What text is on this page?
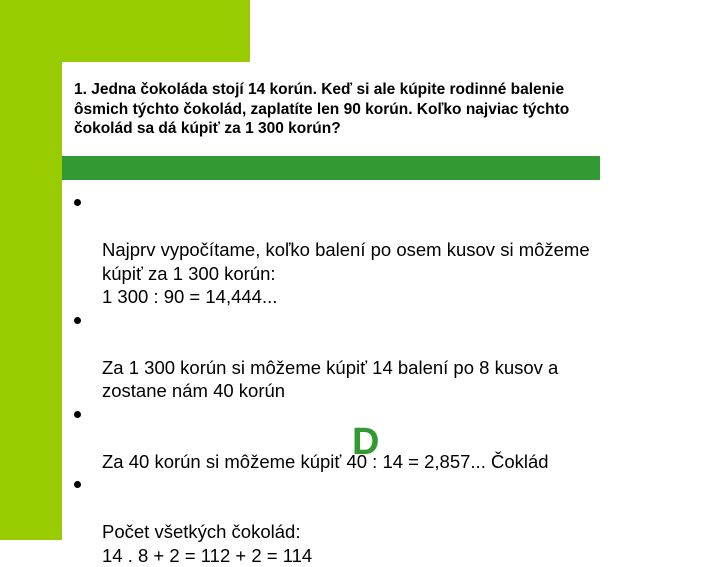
1. Jedna čokoláda stojí 14 korún. Keď si ale kúpite rodinné balenie
ôsmich týchto čokolád, zaplatíte len 90 korún. Koľko najviac týchto
čokolád sa dá kúpiť za 1 300 korún?

Najprv vypočítame, koľko balení po osem kusov si môžeme
kúpiť za 1 300 korún:
1 300 : 90 = 14,444...

Za 1 300 korún si môžeme kúpiť 14 balení po 8 kusov a
zostane nám 40 korún

Za 40 korún si môžeme kúpiť 40 : 14 = 2,857... Čoklád

Počet všetkých čokolád:
14 . 8 + 2 = 112 + 2 = 114

D
